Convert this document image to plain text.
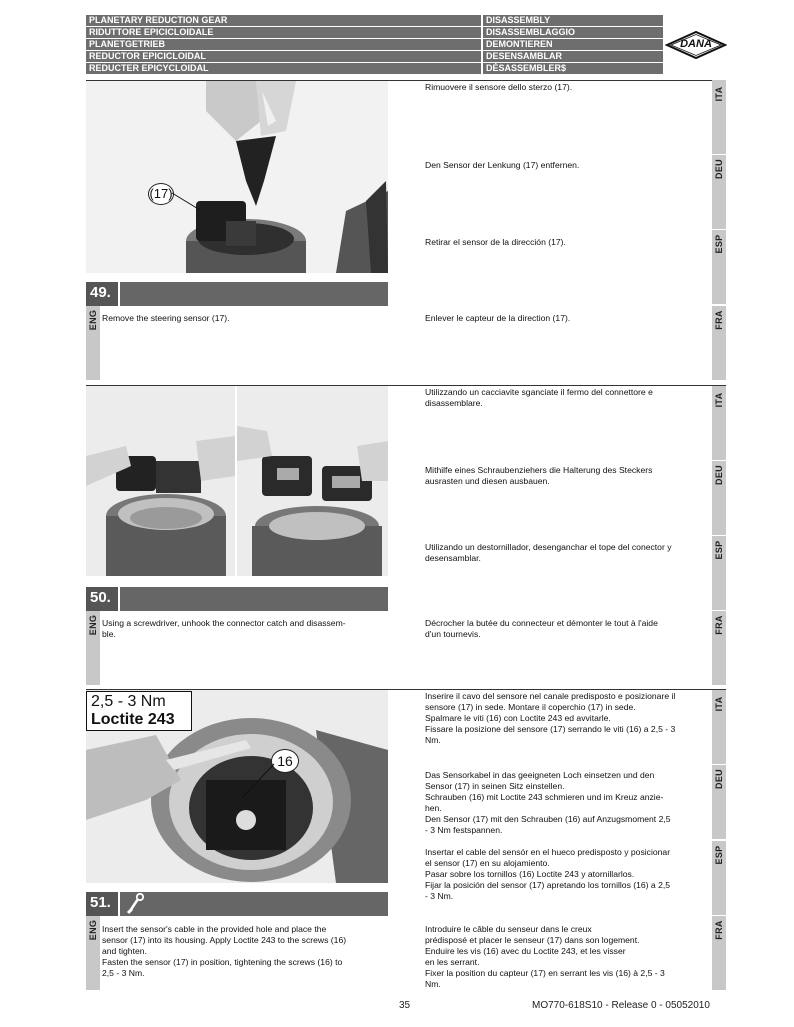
PLANETARY REDUCTION GEAR
RIDUTTORE EPICICLOIDALE
PLANETGETRIEB
REDUCTOR EPICICLOIDAL
REDUCTER EPICYCLOIDAL
DISASSEMBLY
DISASSEMBLAGGIO
DEMONTIEREN
DESENSAMBLAR
DÉSASSEMBLER$
DANA
(17)
49.
Rimuovere il sensore dello sterzo (17).
Den Sensor der Lenkung (17) entfernen.
Retirar el sensor de la dirección (17).
Remove the steering sensor (17).	Enlever le capteur de la direction (17).
ITA
DEU
ESP
FRA
ENG
50.
Utilizzando un cacciavite sganciate il fermo del connettore e
disassemblare.
Mithilfe eines Schraubenziehers die Halterung des Steckers
ausrasten und diesen ausbauen.
Utilizando un destornillador, desenganchar el tope del conector y
desensamblar.
Using a screwdriver, unhook the connector catch and disassem-
ble.
Décrocher la butée du connecteur et démonter le tout à l'aide
d'un tournevis.
ITA
DEU
ESP
FRA
ENG
2,5 - 3 Nm
Loctite 243
16
51.
Inserire il cavo del sensore nel canale predisposto e posizionare il
sensore (17) in sede. Montare il coperchio (17) in sede.
Spalmare le viti (16) con Loctite 243 ed avvitarle.
Fissare la posizione del sensore (17) serrando le viti (16) a 2,5 - 3
Nm.
Das Sensorkabel in das geeigneten Loch einsetzen und den
Sensor (17) in seinen Sitz einstellen.
Schrauben (16) mit Loctite 243 schmieren und im Kreuz anzie-
hen.
Den Sensor (17) mit den Schrauben (16) auf Anzugsmoment 2,5
- 3 Nm festspannen.
Insertar el cable del sensór en el hueco predisposto y posicionar
el sensor (17) en su alojamiento.
Pasar sobre los tornillos (16) Loctite 243 y atornillarlos.
Fijar la posición del sensor (17) apretando los tornillos (16) a 2,5
- 3 Nm.
Insert the sensor's cable in the provided hole and place the
sensor (17) into its housing. Apply Loctite 243 to the screws (16)
and tighten.
Fasten the sensor (17) in position, tightening the screws (16) to
2,5 - 3 Nm.
Introduire le câble du senseur dans le creux
prédisposé et placer le senseur (17) dans son logement.
Enduire les vis (16) avec du Loctite 243, et les visser
en les serrant.
Fixer la position du capteur (17) en serrant les vis (16) à 2,5 - 3
Nm.
ITA
DEU
ESP
FRA
ENG
35	MO770-618S10 - Release 0 - 05052010
